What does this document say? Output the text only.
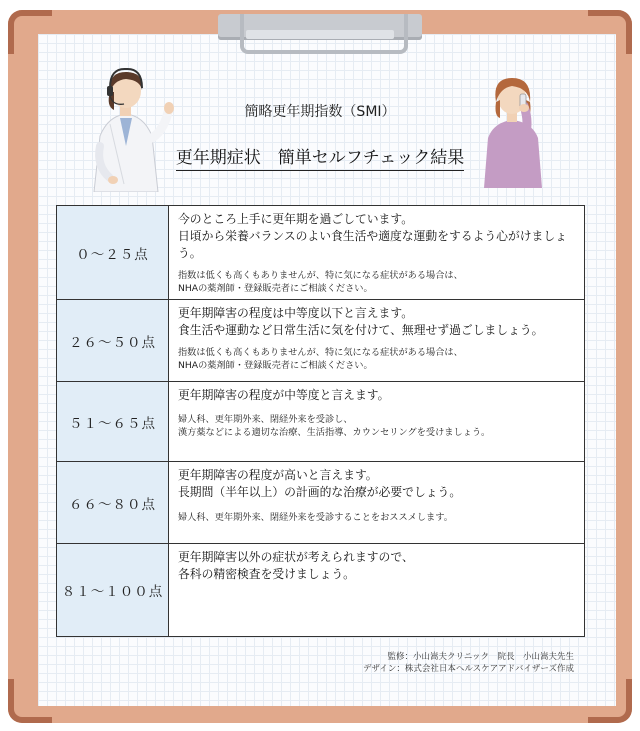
簡略更年期指数（SMI）
更年期症状　簡単セルフチェック結果
０～２５点	今のところ上手に更年期を過ごしています。
日頃から栄養バランスのよい食生活や適度な運動をするよう心がけましょう。
指数は低くも高くもありませんが、特に気になる症状がある場合は、
NHAの薬剤師・登録販売者にご相談ください。

２６～５０点	更年期障害の程度は中等度以下と言えます。
食生活や運動など日常生活に気を付けて、無理せず過ごしましょう。
指数は低くも高くもありませんが、特に気になる症状がある場合は、
NHAの薬剤師・登録販売者にご相談ください。

５１～６５点	更年期障害の程度が中等度と言えます。
婦人科、更年期外来、閉経外来を受診し、
漢方薬などによる適切な治療、生活指導、カウンセリングを受けましょう。

６６～８０点	更年期障害の程度が高いと言えます。
長期間（半年以上）の計画的な治療が必要でしょう。
婦人科、更年期外来、閉経外来を受診することをおススメします。

８１～１００点	更年期障害以外の症状が考えられますので、
各科の精密検査を受けましょう。
監修：小山嵩夫クリニック　院長　小山嵩夫先生
デザイン：株式会社日本ヘルスケアアドバイザーズ作成
